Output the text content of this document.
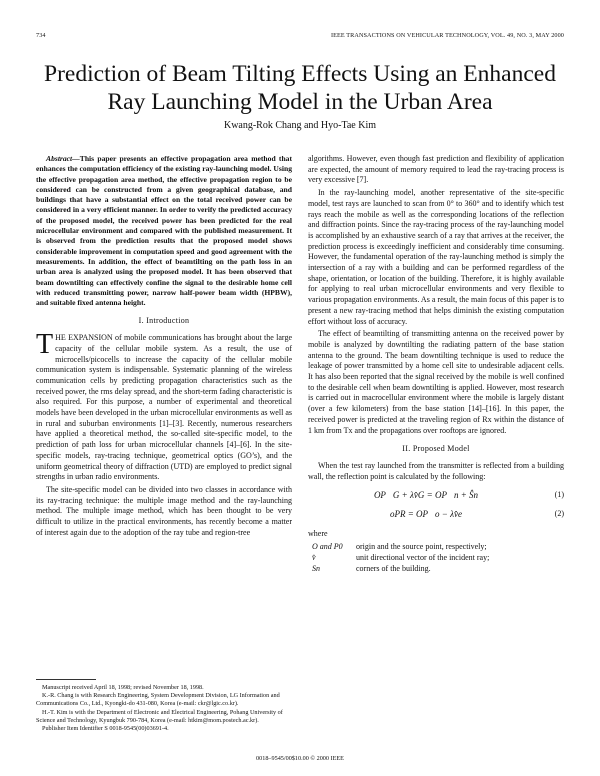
734	IEEE TRANSACTIONS ON VEHICULAR TECHNOLOGY, VOL. 49, NO. 3, MAY 2000
Prediction of Beam Tilting Effects Using an Enhanced Ray Launching Model in the Urban Area
Kwang-Rok Chang and Hyo-Tae Kim

Abstract—This paper presents an effective propagation area method that enhances the computation efficiency of the existing ray-launching model. Using the effective propagation area method, the effective propagation region to be considered can be constructed from a given geographical database, and buildings that have a substantial effect on the total received power can be considered in a very efficient manner. In order to verify the predicted accuracy of the proposed model, the received power has been predicted for the real microcellular environment and compared with the published measurement. It is observed from the prediction results that the proposed model shows considerable improvement in computation speed and good agreement with the measurements. In addition, the effect of beamtilting on the path loss in an urban area is analyzed using the proposed model. It has been observed that beam downtilting can effectively confine the signal to the desirable home cell with reduced transmitting power, narrow half-power beam width (HPBW), and suitable fixed antenna height.

I. Introduction

THE EXPANSION of mobile communications has brought about the large capacity of the cellular mobile system. As a result, the use of microcells/picocells to increase the capacity of the cellular mobile communication system is indispensable. Systematic planning of the wireless communication cells by predicting propagation characteristics such as the received power, the rms delay spread, and the short-term fading characteristic is also required. For this purpose, a number of experimental and theoretical models have been developed in the urban microcellular environments as well as in rural and suburban environments [1]–[3]. Recently, numerous researchers have applied a theoretical method, the so-called site-specific model, to the prediction of path loss for urban microcellular channels [4]–[6]. In the site-specific models, ray-tracing technique, geometrical optics (GO’s), and the uniform geometrical theory of diffraction (UTD) are employed to predict signal strengths in urban radio environments.

The site-specific model can be divided into two classes in accordance with its ray-tracing technique: the multiple image method and the ray-launching method. The multiple image method, which has been thought to be very difficult to utilize in the practical environments, has recently become a matter of interest again due to the adoption of the ray tube and region-tree

algorithms. However, even though fast prediction and flexibility of application are expected, the amount of memory required to lead the ray-tracing process is very excessive [7].

In the ray-launching model, another representative of the site-specific model, test rays are launched to scan from 0° to 360° and to identify which test rays reach the mobile as well as the corresponding locations of the reflection and diffraction points. Since the ray-tracing process of the ray-launching model is accomplished by an exhaustive search of a ray that arrives at the receiver, the prediction process is exceedingly inefficient and considerably time consuming. However, the fundamental operation of the ray-launching method is simply the intersection of a ray with a building and can be performed regardless of the shape, orientation, or location of the building. Therefore, it is highly available for applying to real urban microcellular environments and very flexible to various propagation environments. As a result, the main focus of this paper is to present a new ray-tracing method that helps diminish the existing computation effort without loss of accuracy.

The effect of beamtilting of transmitting antenna on the received power by mobile is analyzed by downtilting the radiating pattern of the base station antenna to the ground. The beam downtilting technique is used to reduce the leakage of power transmitted by a home cell site to undesirable adjacent cells. It has also been reported that the signal received by the mobile is well confined to the desirable cell when beam downtilting is applied. However, most research is carried out in macrocellular environment where the mobile is largely distant (over a few kilometers) from the base station [14]–[16]. In this paper, the received power is predicted at the traveling region of Rx within the distance of 1 km from Tx and the propagations over rooftops are ignored.

II. Proposed Model

When the test ray launched from the transmitter is reflected from a building wall, the reflection point is calculated by the following:

OP⃗G + λv̂G = OP⃗n + Ŝn	(1)
oPR = OP⃗o − λv̂e	(2)
where
O and P0	origin and the source point, respectively;
v̂	unit directional vector of the incident ray;
Sn	corners of the building.

Manuscript received April 18, 1998; revised November 18, 1998.

K.-R. Chang is with Research Engineering, System Development Division, LG Information and Communications Co., Ltd., Kyongki-do 431-080, Korea (e-mail: ckr@lgic.co.kr).

H.-T. Kim is with the Department of Electronic and Electrical Engineering, Pohang University of Science and Technology, Kyungbuk 790-784, Korea (e-mail: htkim@mom.postech.ac.kr).

Publisher Item Identifier S 0018-9545(00)03691-4.

0018–9545/00$10.00 © 2000 IEEE
